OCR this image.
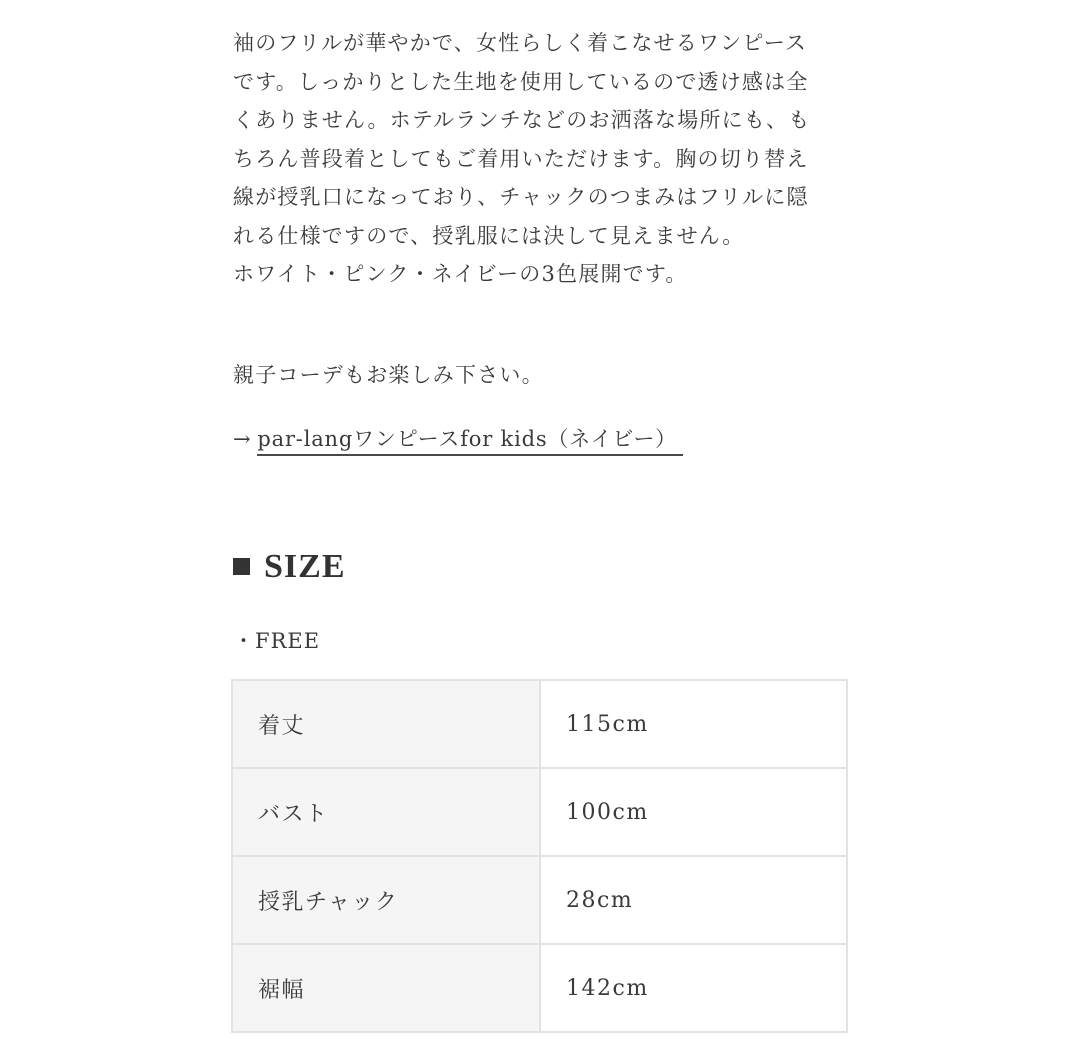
袖のフリルが華やかで、女性らしく着こなせるワンピース

です。しっかりとした生地を使用しているので透け感は全

くありません。ホテルランチなどのお洒落な場所にも、も

ちろん普段着としてもご着用いただけます。胸の切り替え

線が授乳口になっており、チャックのつまみはフリルに隠

れる仕様ですので、授乳服には決して見えません。

ホワイト・ピンク・ネイビーの3色展開です。

親子コーデもお楽しみ下さい。
→ par-langワンピースfor kids（ネイビー）
SIZE
・FREE
着丈	115cm
バスト	100cm
授乳チャック	28cm
裾幅	142cm
